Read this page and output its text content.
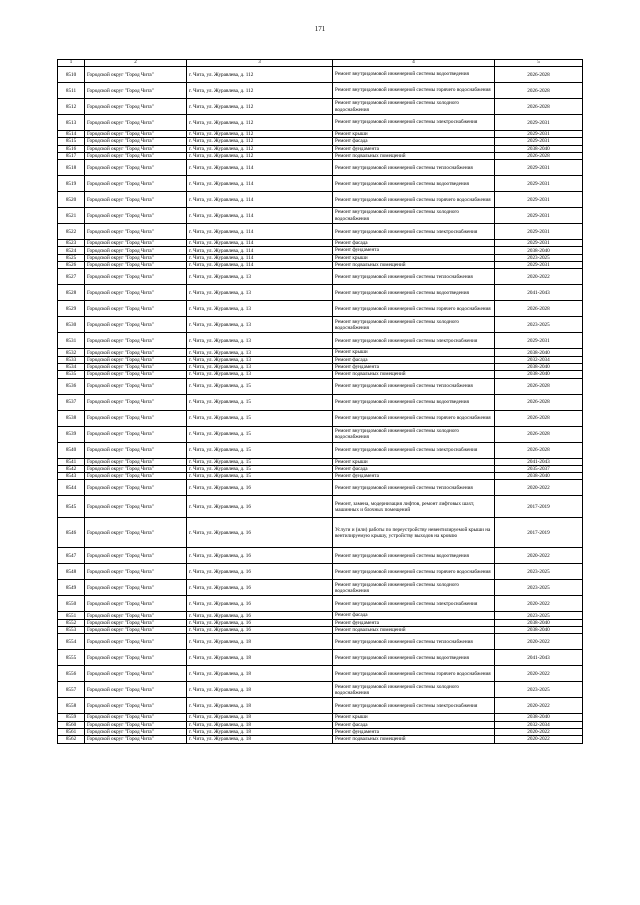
171
1	2	3	4	5
8510	Городской округ "Город Чита"	г. Чита, ул. Журавлева, д. 112	Ремонт внутридомовой инженерной системы водоотведения	2026-2028
8511	Городской округ "Город Чита"	г. Чита, ул. Журавлева, д. 112	Ремонт внутридомовой инженерной системы горячего водоснабжения	2026-2028
8512	Городской округ "Город Чита"	г. Чита, ул. Журавлева, д. 112	Ремонт внутридомовой инженерной системы холодного водоснабжения	2026-2028
8513	Городской округ "Город Чита"	г. Чита, ул. Журавлева, д. 112	Ремонт внутридомовой инженерной системы электроснабжения	2029-2031
8514	Городской округ "Город Чита"	г. Чита, ул. Журавлева, д. 112	Ремонт крыши	2029-2031
8515	Городской округ "Город Чита"	г. Чита, ул. Журавлева, д. 112	Ремонт фасада	2029-2031
8516	Городской округ "Город Чита"	г. Чита, ул. Журавлева, д. 112	Ремонт фундамента	2038-2040
8517	Городской округ "Город Чита"	г. Чита, ул. Журавлева, д. 112	Ремонт подвальных помещений	2026-2028
8518	Городской округ "Город Чита"	г. Чита, ул. Журавлева, д. 114	Ремонт внутридомовой инженерной системы теплоснабжения	2029-2031
8519	Городской округ "Город Чита"	г. Чита, ул. Журавлева, д. 114	Ремонт внутридомовой инженерной системы водоотведения	2029-2031
8520	Городской округ "Город Чита"	г. Чита, ул. Журавлева, д. 114	Ремонт внутридомовой инженерной системы горячего водоснабжения	2029-2031
8521	Городской округ "Город Чита"	г. Чита, ул. Журавлева, д. 114	Ремонт внутридомовой инженерной системы холодного водоснабжения	2029-2031
8522	Городской округ "Город Чита"	г. Чита, ул. Журавлева, д. 114	Ремонт внутридомовой инженерной системы электроснабжения	2029-2031
8523	Городской округ "Город Чита"	г. Чита, ул. Журавлева, д. 114	Ремонт фасада	2029-2031
8524	Городской округ "Город Чита"	г. Чита, ул. Журавлева, д. 114	Ремонт фундамента	2038-2040
8525	Городской округ "Город Чита"	г. Чита, ул. Журавлева, д. 114	Ремонт крыши	2023-2025
8526	Городской округ "Город Чита"	г. Чита, ул. Журавлева, д. 114	Ремонт подвальных помещений	2029-2031
8527	Городской округ "Город Чита"	г. Чита, ул. Журавлева, д. 13	Ремонт внутридомовой инженерной системы теплоснабжения	2020-2022
8528	Городской округ "Город Чита"	г. Чита, ул. Журавлева, д. 13	Ремонт внутридомовой инженерной системы водоотведения	2041-2043
8529	Городской округ "Город Чита"	г. Чита, ул. Журавлева, д. 13	Ремонт внутридомовой инженерной системы горячего водоснабжения	2026-2028
8530	Городской округ "Город Чита"	г. Чита, ул. Журавлева, д. 13	Ремонт внутридомовой инженерной системы холодного водоснабжения	2023-2025
8531	Городской округ "Город Чита"	г. Чита, ул. Журавлева, д. 13	Ремонт внутридомовой инженерной системы электроснабжения	2029-2031
8532	Городской округ "Город Чита"	г. Чита, ул. Журавлева, д. 13	Ремонт крыши	2038-2040
8533	Городской округ "Город Чита"	г. Чита, ул. Журавлева, д. 13	Ремонт фасада	2032-2034
8534	Городской округ "Город Чита"	г. Чита, ул. Журавлева, д. 13	Ремонт фундамента	2038-2040
8535	Городской округ "Город Чита"	г. Чита, ул. Журавлева, д. 13	Ремонт подвальных помещений	2038-2040
8536	Городской округ "Город Чита"	г. Чита, ул. Журавлева, д. 15	Ремонт внутридомовой инженерной системы теплоснабжения	2026-2028
8537	Городской округ "Город Чита"	г. Чита, ул. Журавлева, д. 15	Ремонт внутридомовой инженерной системы водоотведения	2026-2028
8538	Городской округ "Город Чита"	г. Чита, ул. Журавлева, д. 15	Ремонт внутридомовой инженерной системы горячего водоснабжения	2026-2028
8539	Городской округ "Город Чита"	г. Чита, ул. Журавлева, д. 15	Ремонт внутридомовой инженерной системы холодного водоснабжения	2026-2028
8540	Городской округ "Город Чита"	г. Чита, ул. Журавлева, д. 15	Ремонт внутридомовой инженерной системы электроснабжения	2026-2028
8541	Городской округ "Город Чита"	г. Чита, ул. Журавлева, д. 15	Ремонт крыши	2041-2043
8542	Городской округ "Город Чита"	г. Чита, ул. Журавлева, д. 15	Ремонт фасада	2035-2037
8543	Городской округ "Город Чита"	г. Чита, ул. Журавлева, д. 15	Ремонт фундамента	2038-2040
8544	Городской округ "Город Чита"	г. Чита, ул. Журавлева, д. 16	Ремонт внутридомовой инженерной системы теплоснабжения	2020-2022
8545	Городской округ "Город Чита"	г. Чита, ул. Журавлева, д. 16	Ремонт, замена, модернизация лифтов, ремонт лифтовых шахт, машинных и блочных помещений	2017-2019
8546	Городской округ "Город Чита"	г. Чита, ул. Журавлева, д. 16	Услуги и (или) работы по переустройству невентилируемой крыши на вентилируемую крышу, устройству выходов на кровлю	2017-2019
8547	Городской округ "Город Чита"	г. Чита, ул. Журавлева, д. 16	Ремонт внутридомовой инженерной системы водоотведения	2020-2022
8548	Городской округ "Город Чита"	г. Чита, ул. Журавлева, д. 16	Ремонт внутридомовой инженерной системы горячего водоснабжения	2023-2025
8549	Городской округ "Город Чита"	г. Чита, ул. Журавлева, д. 16	Ремонт внутридомовой инженерной системы холодного водоснабжения	2023-2025
8550	Городской округ "Город Чита"	г. Чита, ул. Журавлева, д. 16	Ремонт внутридомовой инженерной системы электроснабжения	2020-2022
8551	Городской округ "Город Чита"	г. Чита, ул. Журавлева, д. 16	Ремонт фасада	2023-2025
8552	Городской округ "Город Чита"	г. Чита, ул. Журавлева, д. 16	Ремонт фундамента	2038-2040
8553	Городской округ "Город Чита"	г. Чита, ул. Журавлева, д. 16	Ремонт подвальных помещений	2038-2040
8554	Городской округ "Город Чита"	г. Чита, ул. Журавлева, д. 18	Ремонт внутридомовой инженерной системы теплоснабжения	2020-2022
8555	Городской округ "Город Чита"	г. Чита, ул. Журавлева, д. 18	Ремонт внутридомовой инженерной системы водоотведения	2041-2043
8556	Городской округ "Город Чита"	г. Чита, ул. Журавлева, д. 18	Ремонт внутридомовой инженерной системы горячего водоснабжения	2020-2022
8557	Городской округ "Город Чита"	г. Чита, ул. Журавлева, д. 18	Ремонт внутридомовой инженерной системы холодного водоснабжения	2023-2025
8558	Городской округ "Город Чита"	г. Чита, ул. Журавлева, д. 18	Ремонт внутридомовой инженерной системы электроснабжения	2020-2022
8559	Городской округ "Город Чита"	г. Чита, ул. Журавлева, д. 18	Ремонт крыши	2038-2040
8560	Городской округ "Город Чита"	г. Чита, ул. Журавлева, д. 18	Ремонт фасада	2032-2034
8561	Городской округ "Город Чита"	г. Чита, ул. Журавлева, д. 18	Ремонт фундамента	2020-2022
8562	Городской округ "Город Чита"	г. Чита, ул. Журавлева, д. 18	Ремонт подвальных помещений	2020-2022
